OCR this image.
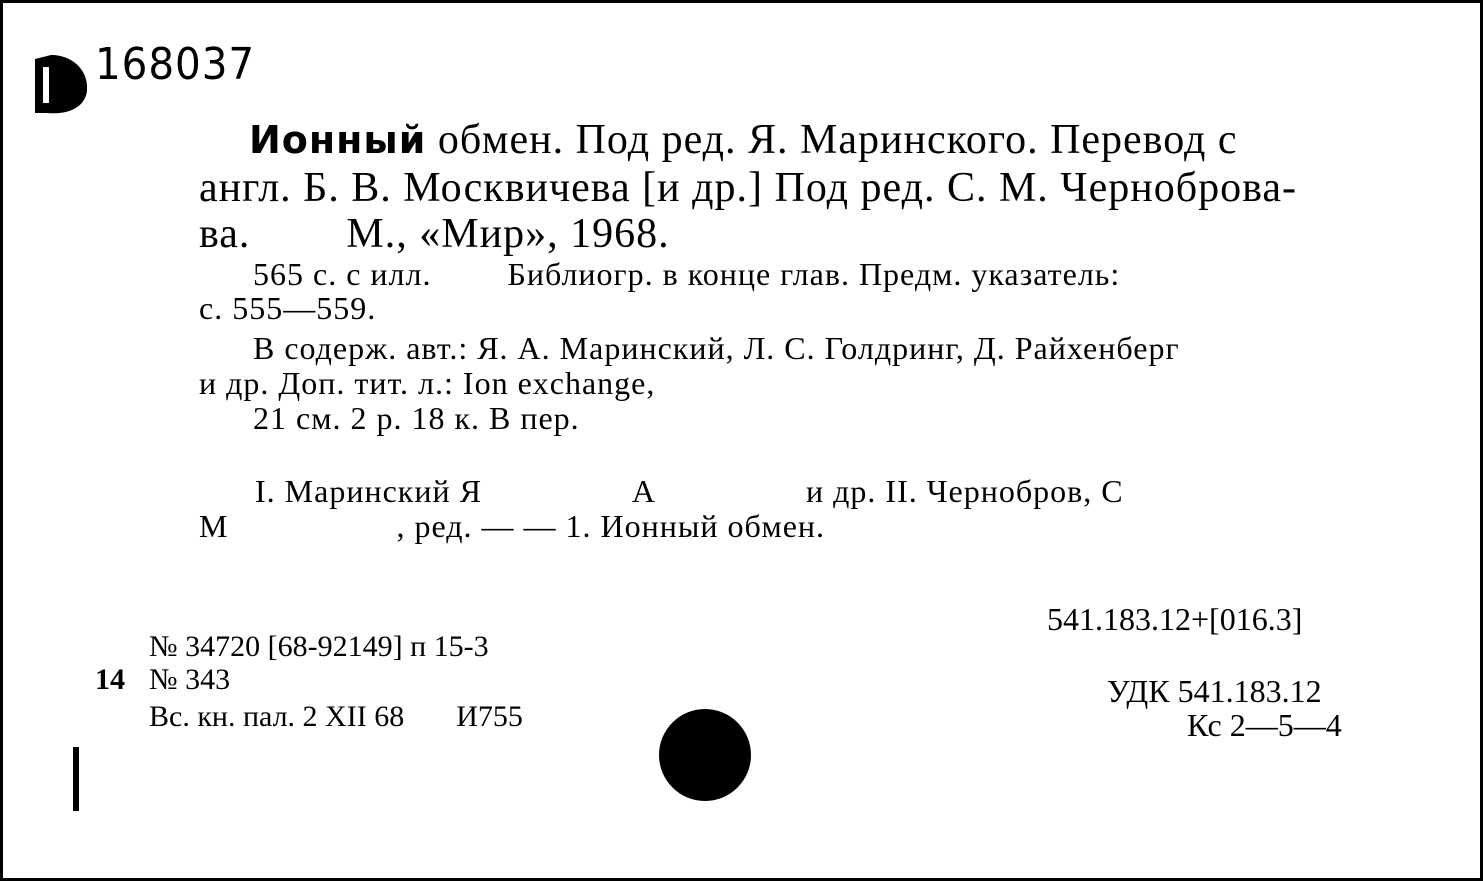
168037
Ионный обмен. Под ред. Я. Маринского. Перевод с
англ. Б. В. Москвичева [и др.] Под ред. С. М. Черноброва-
ва. М., «Мир», 1968.
565 с. с илл. Библиогр. в конце глав. Предм. указатель:
с. 555—559.
В содерж. авт.: Я. А. Маринский, Л. С. Голдринг, Д. Райхенберг
и др. Доп. тит. л.: Ion exchange,
21 см. 2 р. 18 к. В пер.
I. Маринский Я	А	и др. II. Чернобров, С
М	, ред. — — 1. Ионный обмен.
№ 34720 [68-92149] п 15-3
14 № 343
Вс. кн. пал. 2 XII 68 И755
541.183.12+[016.3]
УДК 541.183.12
Кс 2—5—4
